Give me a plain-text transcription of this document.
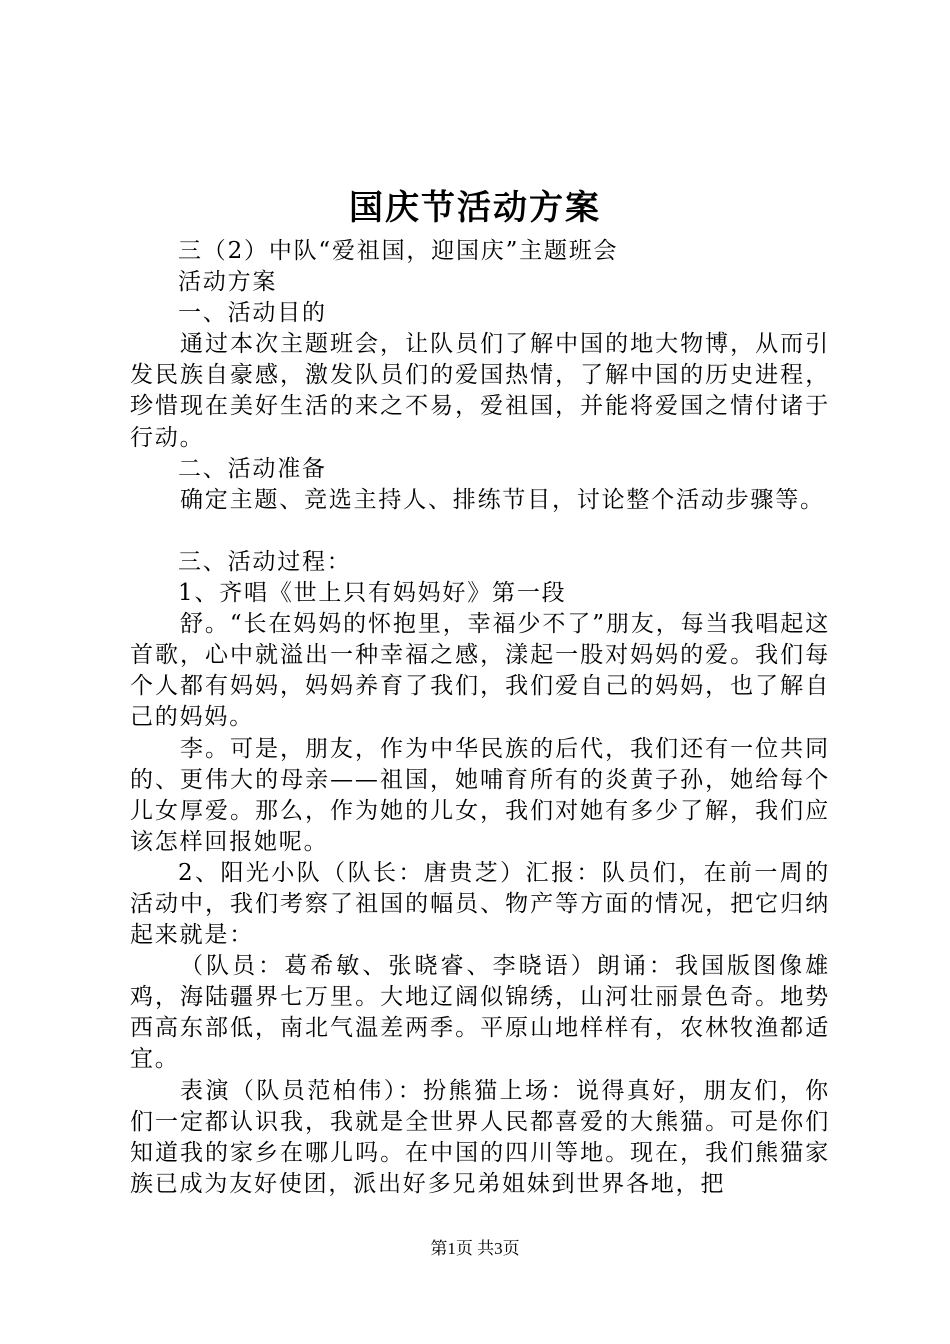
国庆节活动方案

三（2）中队“爱祖国，迎国庆”主题班会

活动方案

一、活动目的

通过本次主题班会，让队员们了解中国的地大物博，从而引发民族自豪感，激发队员们的爱国热情，了解中国的历史进程，珍惜现在美好生活的来之不易，爱祖国，并能将爱国之情付诸于行动。

二、活动准备

确定主题、竞选主持人、排练节目，讨论整个活动步骤等。

三、活动过程：

1、齐唱《世上只有妈妈好》第一段

舒。“长在妈妈的怀抱里，幸福少不了”朋友，每当我唱起这首歌，心中就溢出一种幸福之感，漾起一股对妈妈的爱。我们每个人都有妈妈，妈妈养育了我们，我们爱自己的妈妈，也了解自己的妈妈。

李。可是，朋友，作为中华民族的后代，我们还有一位共同的、更伟大的母亲——祖国，她哺育所有的炎黄子孙，她给每个儿女厚爱。那么，作为她的儿女，我们对她有多少了解，我们应该怎样回报她呢。

2、阳光小队（队长：唐贵芝）汇报：队员们，在前一周的活动中，我们考察了祖国的幅员、物产等方面的情况，把它归纳起来就是：

（队员：葛希敏、张晓睿、李晓语）朗诵：我国版图像雄鸡，海陆疆界七万里。大地辽阔似锦绣，山河壮丽景色奇。地势西高东部低，南北气温差两季。平原山地样样有，农林牧渔都适宜。

表演（队员范柏伟）：扮熊猫上场：说得真好，朋友们，你们一定都认识我，我就是全世界人民都喜爱的大熊猫。可是你们知道我的家乡在哪儿吗。在中国的四川等地。现在，我们熊猫家族已成为友好使团，派出好多兄弟姐妹到世界各地，把

第1页 共3页
